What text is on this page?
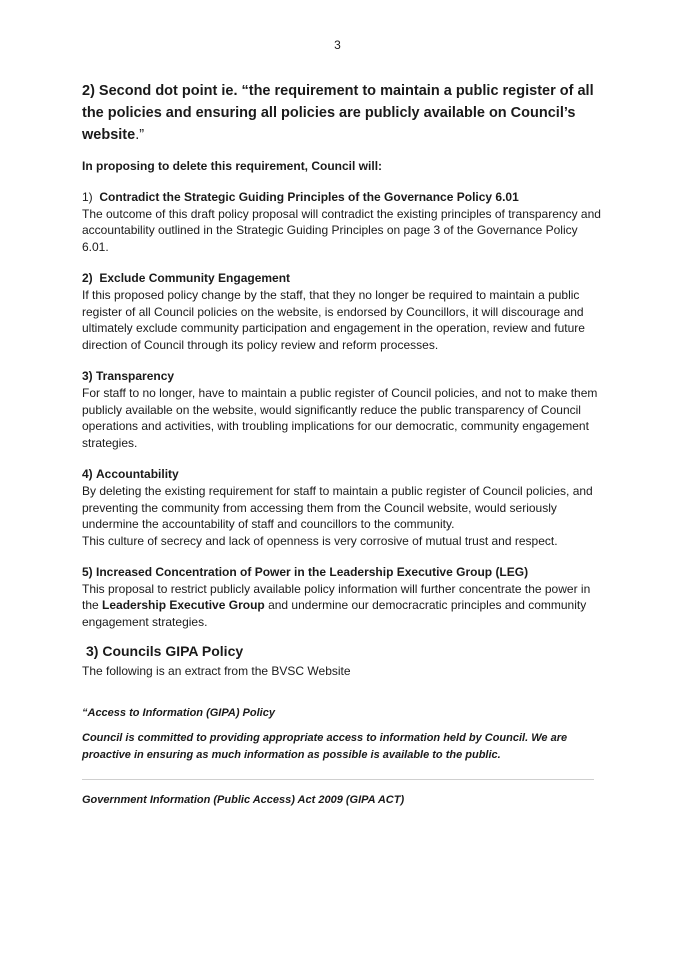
3
2) Second dot point ie. “the requirement to maintain a public register of all the policies and ensuring all policies are publicly available on Council’s website.”
In proposing to delete this requirement, Council will:
1) Contradict the Strategic Guiding Principles of the Governance Policy 6.01
The outcome of this draft policy proposal will contradict the existing principles of transparency and accountability outlined in the Strategic Guiding Principles on page 3 of the Governance Policy 6.01.
2) Exclude Community Engagement
If this proposed policy change by the staff, that they no longer be required to maintain a public register of all Council policies on the website, is endorsed by Councillors, it will discourage and ultimately exclude community participation and engagement in the operation, review and future direction of Council through its policy review and reform processes.
3) Transparency
For staff to no longer, have to maintain a public register of Council policies, and not to make them publicly available on the website, would significantly reduce the public transparency of Council operations and activities, with troubling implications for our democratic, community engagement strategies.
4) Accountability
By deleting the existing requirement for staff to maintain a public register of Council policies, and preventing the community from accessing them from the Council website, would seriously undermine the accountability of staff and councillors to the community.
This culture of secrecy and lack of openness is very corrosive of mutual trust and respect.
5) Increased Concentration of Power in the Leadership Executive Group (LEG)
This proposal to restrict publicly available policy information will further concentrate the power in the Leadership Executive Group and undermine our democracratic principles and community engagement strategies.
3) Councils GIPA Policy
The following is an extract from the BVSC Website
“Access to Information (GIPA) Policy
Council is committed to providing appropriate access to information held by Council. We are proactive in ensuring as much information as possible is available to the public.
Government Information (Public Access) Act 2009 (GIPA ACT)
